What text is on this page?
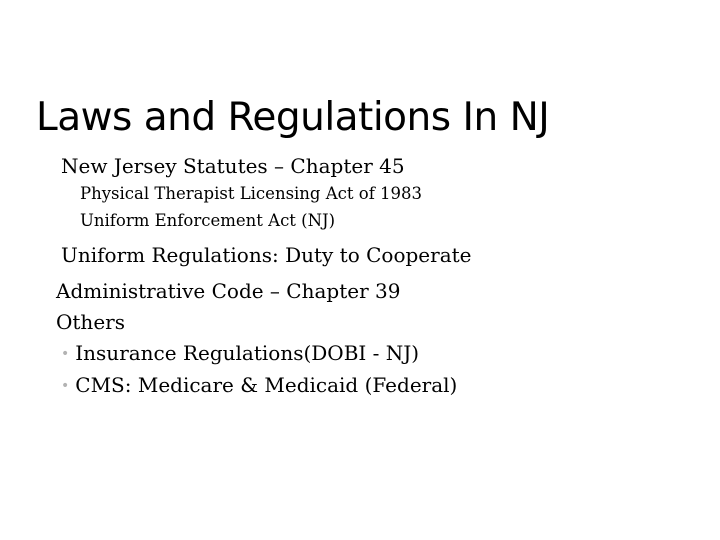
Laws and Regulations In NJ

New Jersey Statutes – Chapter 45

Physical Therapist Licensing Act of 1983

Uniform Enforcement Act (NJ)

Uniform Regulations: Duty to Cooperate

Administrative Code – Chapter 39

Others

• Insurance Regulations(DOBI - NJ)

• CMS: Medicare & Medicaid (Federal)
